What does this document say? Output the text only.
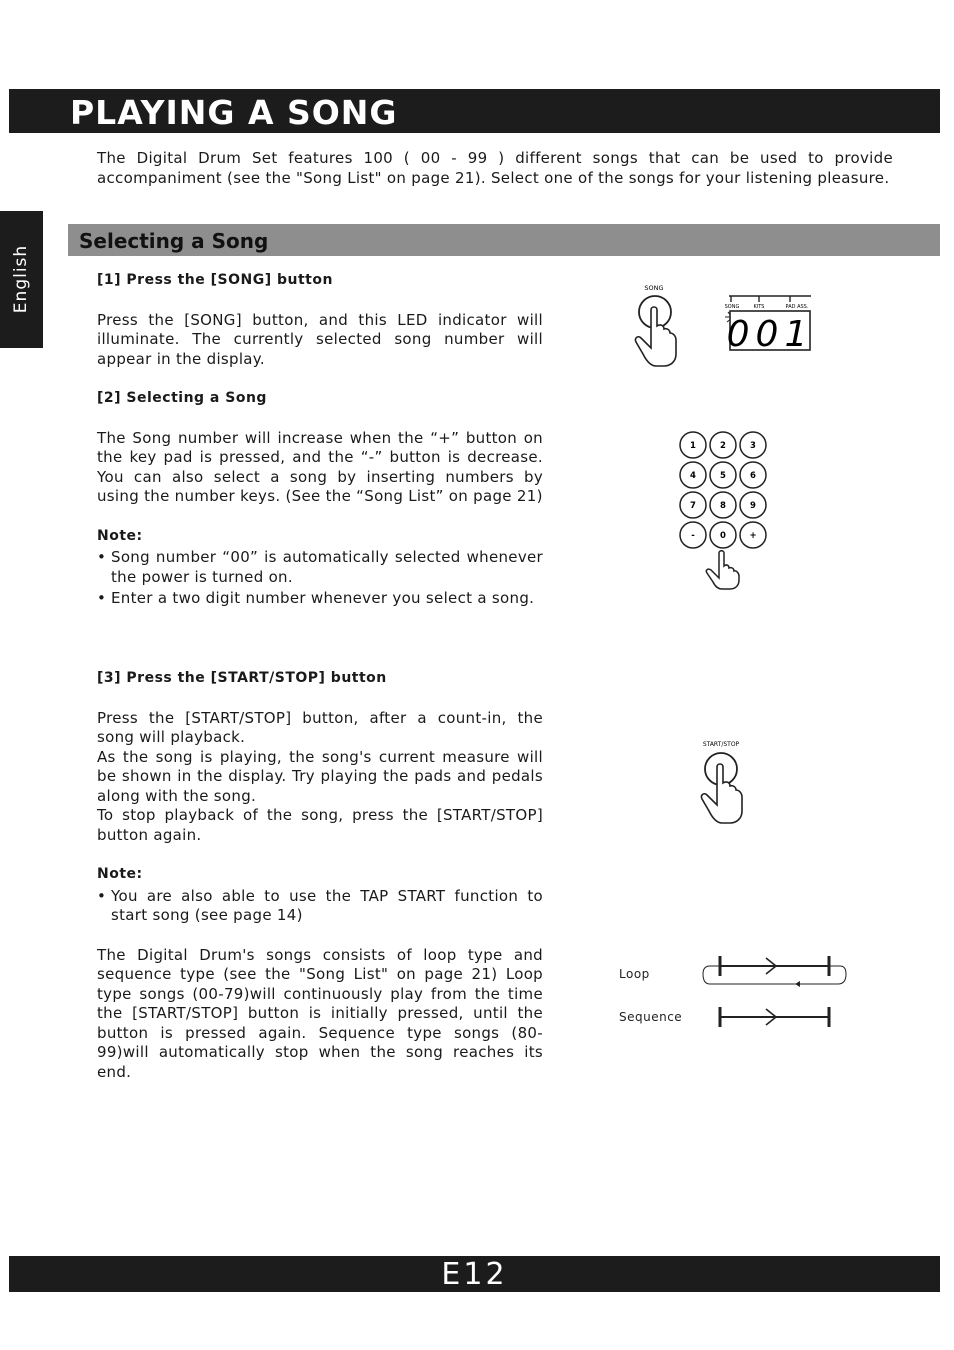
PLAYING A SONG
English

The Digital Drum Set features 100 ( 00 - 99 ) different songs that can be used to provide accompaniment (see the "Song List" on page 21). Select one of the songs for your listening pleasure.

Selecting a Song

[1] Press the [SONG] button

Press the [SONG] button, and this LED indicator will illuminate. The currently selected song number will appear in the display.

[2] Selecting a Song

The Song number will increase when the “+” button on the key pad is pressed, and the “-” button is decrease. You can also select a song by inserting numbers by using the number keys. (See the “Song List” on page 21)

Note:

• Song number “00” is automatically selected whenever the power is turned on.

• Enter a two digit number whenever you select a song.

[3] Press the [START/STOP] button

Press the [START/STOP] button, after a count-in, the song will playback.

As the song is playing, the song's current measure will be shown in the display. Try playing the pads and pedals along with the song.

To stop playback of the song, press the [START/STOP] button again.

Note:

• You are also able to use the TAP START function to start song (see page 14)

The Digital Drum's songs consists of loop type and sequence type (see the "Song List" on page 21) Loop type songs (00-79)will continuously play from the time the [START/STOP] button is initially pressed, until the button is pressed again. Sequence type songs (80-99)will automatically stop when the song reaches its end.

SONG
SONG	KITS	PAD ASS.
001
1	2	3
4	5	6
7	8	9
-	0	+
START/STOP
Loop
Sequence
E12
